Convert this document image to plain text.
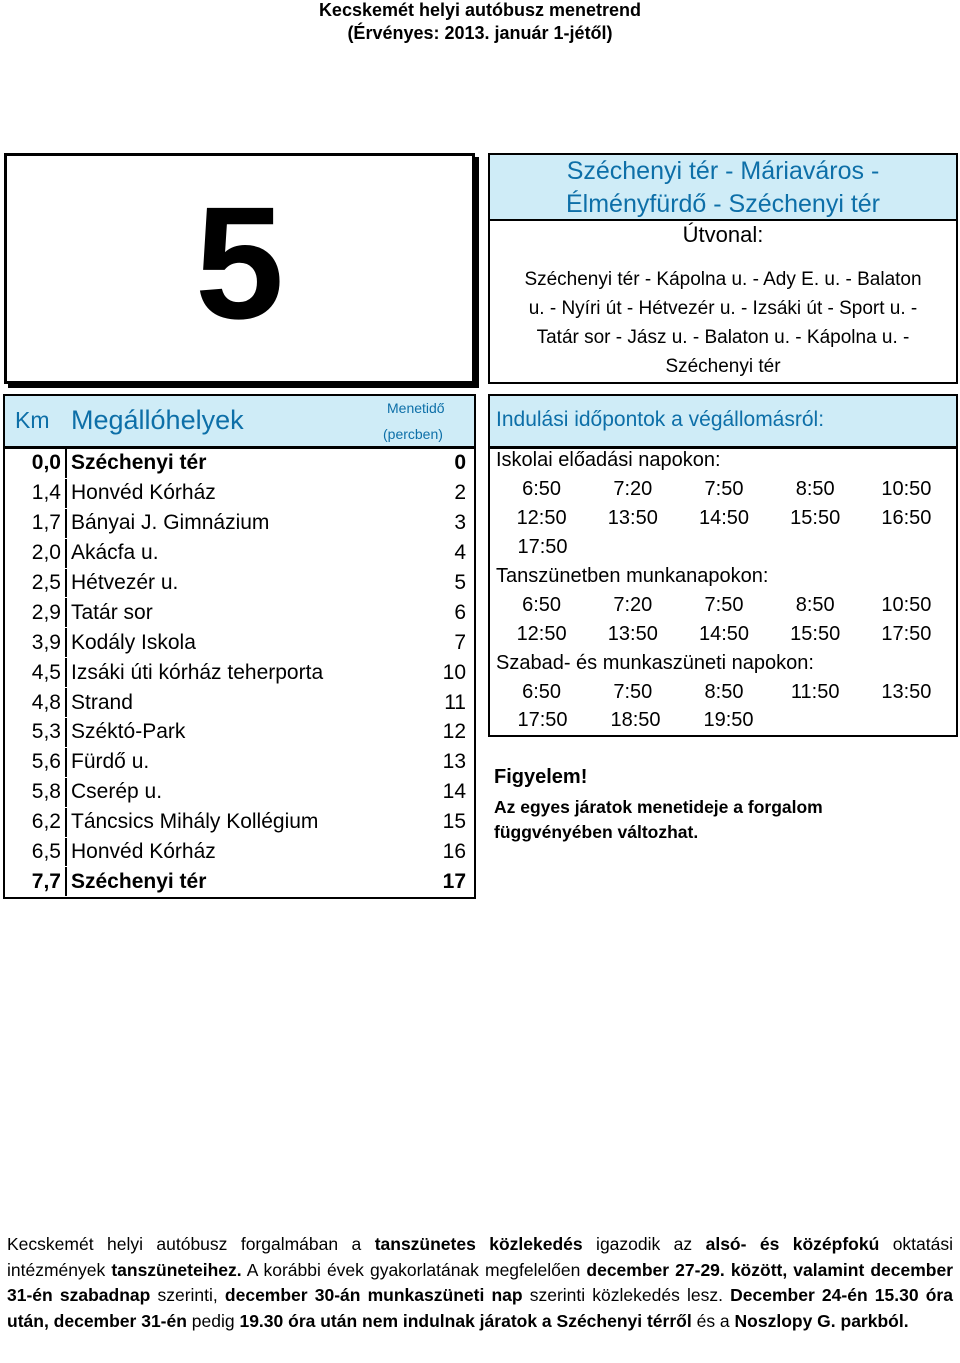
Kecskemét helyi autóbusz menetrend
(Érvényes: 2013. január 1-jétől)
5
Széchenyi tér - Máriaváros -
Élményfürdő - Széchenyi tér
Útvonal:
Széchenyi tér - Kápolna u. - Ady E. u. - Balaton
u. - Nyíri út - Hétvezér u. - Izsáki út - Sport u. -
Tatár sor - Jász u. - Balaton u. - Kápolna u. -
Széchenyi tér
Km Megállóhelyek	Menetidő
(percben)
Indulási időpontok a végállomásról:
0,0 Széchenyi tér	0
1,4 Honvéd Kórház	2
1,7 Bányai J. Gimnázium	3
2,0 Akácfa u.	4
2,5 Hétvezér u.	5
2,9 Tatár sor	6
3,9 Kodály Iskola	7
4,5 Izsáki úti kórház teherporta	10
4,8 Strand	11
5,3 Széktó-Park	12
5,6 Fürdő u.	13
5,8 Cserép u.	14
6,2 Táncsics Mihály Kollégium	15
6,5 Honvéd Kórház	16
7,7 Széchenyi tér	17
Iskolai előadási napokon:
6:50	7:20	7:50	8:50	10:50
12:50	13:50	14:50	15:50	16:50
17:50
Tanszünetben munkanapokon:
6:50	7:20	7:50	8:50	10:50
12:50	13:50	14:50	15:50	17:50
Szabad- és munkaszüneti napokon:
6:50	7:50	8:50	11:50	13:50
17:50	18:50	19:50
Figyelem!
Az egyes járatok menetideje a forgalom
függvényében változhat.
Kecskemét helyi autóbusz forgalmában a tanszünetes közlekedés igazodik az alsó- és középfokú oktatási intézmények tanszüneteihez. A korábbi évek gyakorlatának megfelelően december 27-29. között, valamint december 31-én szabadnap szerinti, december 30-án munkaszüneti nap szerinti közlekedés lesz. December 24-én 15.30 óra után, december 31-én pedig 19.30 óra után nem indulnak járatok a Széchenyi térről és a Noszlopy G. parkból.
